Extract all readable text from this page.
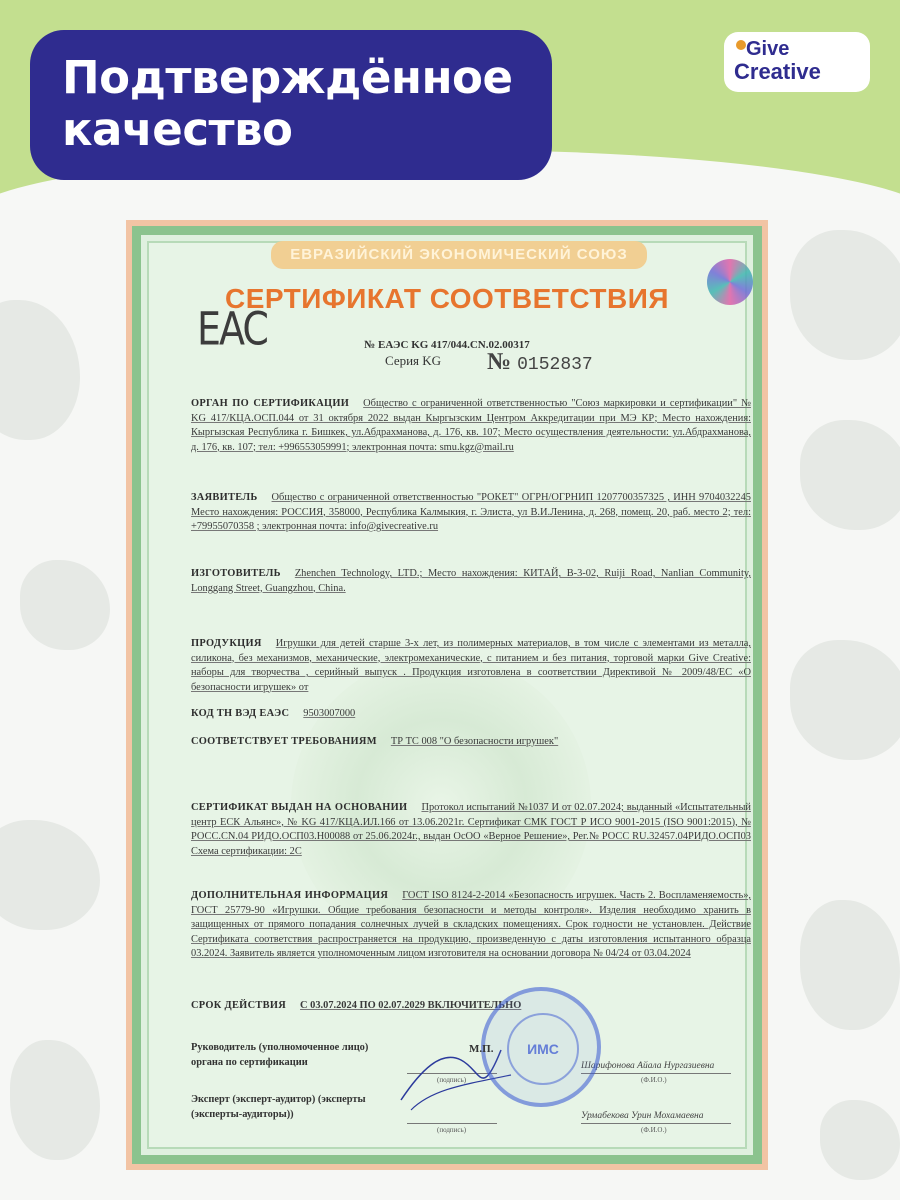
Подтверждённое
качество
Give
Creative
ЕВРАЗИЙСКИЙ ЭКОНОМИЧЕСКИЙ СОЮЗ
СЕРТИФИКАТ СООТВЕТСТВИЯ
EAC	№ ЕАЭС KG 417/044.CN.02.00317
Серия KG № 0152837
ОРГАН ПО СЕРТИФИКАЦИИ Общество с ограниченной ответственностью "Союз маркировки и сертификации" № KG 417/КЦА.ОСП.044 от 31 октября 2022 выдан Кыргызским Центром Аккредитации при МЭ КР; Место нахождения: Кыргызская Республика г. Бишкек, ул.Абдрахманова, д. 176, кв. 107; Место осуществления деятельности: ул.Абдрахманова, д. 176, кв. 107; тел: +996553059991; электронная почта: smu.kgz@mail.ru
ЗАЯВИТЕЛЬ Общество с ограниченной ответственностью "РОКЕТ" ОГРН/ОГРНИП 1207700357325 , ИНН 9704032245 Место нахождения: РОССИЯ, 358000, Республика Калмыкия, г. Элиста, ул В.И.Ленина, д. 268, помещ. 20, раб. место 2; тел: +79955070358 ; электронная почта: info@givecreative.ru
ИЗГОТОВИТЕЛЬ Zhenchen Technology, LTD.; Место нахождения: КИТАЙ, B-3-02, Ruiji Road, Nanlian Community, Longgang Street, Guangzhou, China.
ПРОДУКЦИЯ Игрушки для детей старше 3-х лет, из полимерных материалов, в том числе с элементами из металла, силикона, без механизмов, механические, электромеханические, с питанием и без питания, торговой марки Give Creative: наборы для творчества , серийный выпуск . Продукция изготовлена в соответствии Директивой № 2009/48/ЕС «О безопасности игрушек» от
КОД ТН ВЭД ЕАЭС 9503007000
СООТВЕТСТВУЕТ ТРЕБОВАНИЯМ ТР ТС 008 "О безопасности игрушек"
СЕРТИФИКАТ ВЫДАН НА ОСНОВАНИИ Протокол испытаний №1037 И от 02.07.2024; выданный «Испытательный центр ЕСК Альянс», № KG 417/КЦА.ИЛ.166 от 13.06.2021г. Сертификат СМК ГОСТ Р ИСО 9001-2015 (ISO 9001:2015), № РОСС.CN.04 РИДО.ОСП03.Н00088 от 25.06.2024г., выдан ОсОО «Верное Решение», Рег.№ РОСС RU.32457.04РИДО.ОСП03 Схема сертификации: 2С
ДОПОЛНИТЕЛЬНАЯ ИНФОРМАЦИЯ ГОСТ ISO 8124-2-2014 «Безопасность игрушек. Часть 2. Воспламеняемость», ГОСТ 25779-90 «Игрушки. Общие требования безопасности и методы контроля». Изделия необходимо хранить в защищенных от прямого попадания солнечных лучей в складских помещениях. Срок годности не установлен. Действие Сертификата соответствия распространяется на продукцию, произведенную с даты изготовления испытанного образца 03.2024. Заявитель является уполномоченным лицом изготовителя на основании договора № 04/24 от 03.04.2024
СРОК ДЕЙСТВИЯ С 03.07.2024 ПО 02.07.2029 ВКЛЮЧИТЕЛЬНО
Руководитель (уполномоченное лицо) органа по сертификации
(подпись)
Шарифонова Айала Нургазиевна
(Ф.И.О.)
Эксперт (эксперт-аудитор) (эксперты (эксперты-аудиторы))
(подпись)
Урмабекова Урин Мохамаевна
(Ф.И.О.)
ИМС
М.П.
